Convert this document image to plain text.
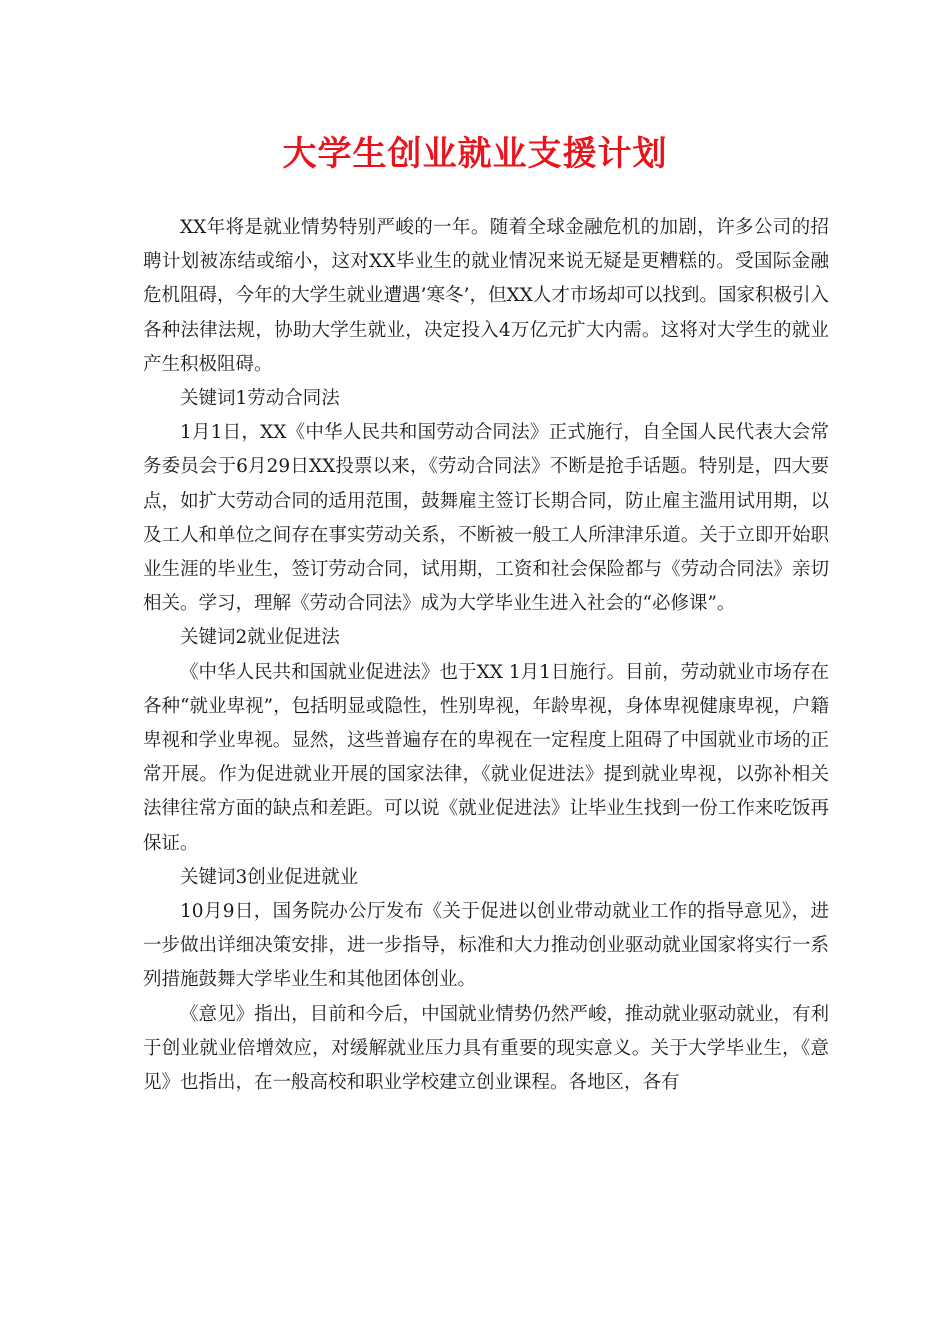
大学生创业就业支援计划

XX年将是就业情势特别严峻的一年。随着全球金融危机的加剧，许多公司的招聘计划被冻结或缩小，这对XX毕业生的就业情况来说无疑是更糟糕的。受国际金融危机阻碍，今年的大学生就业遭遇’寒冬’，但XX人才市场却可以找到。国家积极引入各种法律法规，协助大学生就业，决定投入4万亿元扩大内需。这将对大学生的就业产生积极阻碍。

关键词1劳动合同法

1月1日，XX《中华人民共和国劳动合同法》正式施行，自全国人民代表大会常务委员会于6月29日XX投票以来，《劳动合同法》不断是抢手话题。特别是，四大要点，如扩大劳动合同的适用范围，鼓舞雇主签订长期合同，防止雇主滥用试用期，以及工人和单位之间存在事实劳动关系，不断被一般工人所津津乐道。关于立即开始职业生涯的毕业生，签订劳动合同，试用期，工资和社会保险都与《劳动合同法》亲切相关。学习，理解《劳动合同法》成为大学毕业生进入社会的“必修课”。

关键词2就业促进法

《中华人民共和国就业促进法》也于XX 1月1日施行。目前，劳动就业市场存在各种“就业卑视”，包括明显或隐性，性别卑视，年龄卑视，身体卑视健康卑视，户籍卑视和学业卑视。显然，这些普遍存在的卑视在一定程度上阻碍了中国就业市场的正常开展。作为促进就业开展的国家法律，《就业促进法》提到就业卑视，以弥补相关法律往常方面的缺点和差距。可以说《就业促进法》让毕业生找到一份工作来吃饭再保证。

关键词3创业促进就业

10月9日，国务院办公厅发布《关于促进以创业带动就业工作的指导意见》，进一步做出详细决策安排，进一步指导，标准和大力推动创业驱动就业国家将实行一系列措施鼓舞大学毕业生和其他团体创业。

《意见》指出，目前和今后，中国就业情势仍然严峻，推动就业驱动就业，有利于创业就业倍增效应，对缓解就业压力具有重要的现实意义。关于大学毕业生，《意见》也指出，在一般高校和职业学校建立创业课程。各地区，各有
